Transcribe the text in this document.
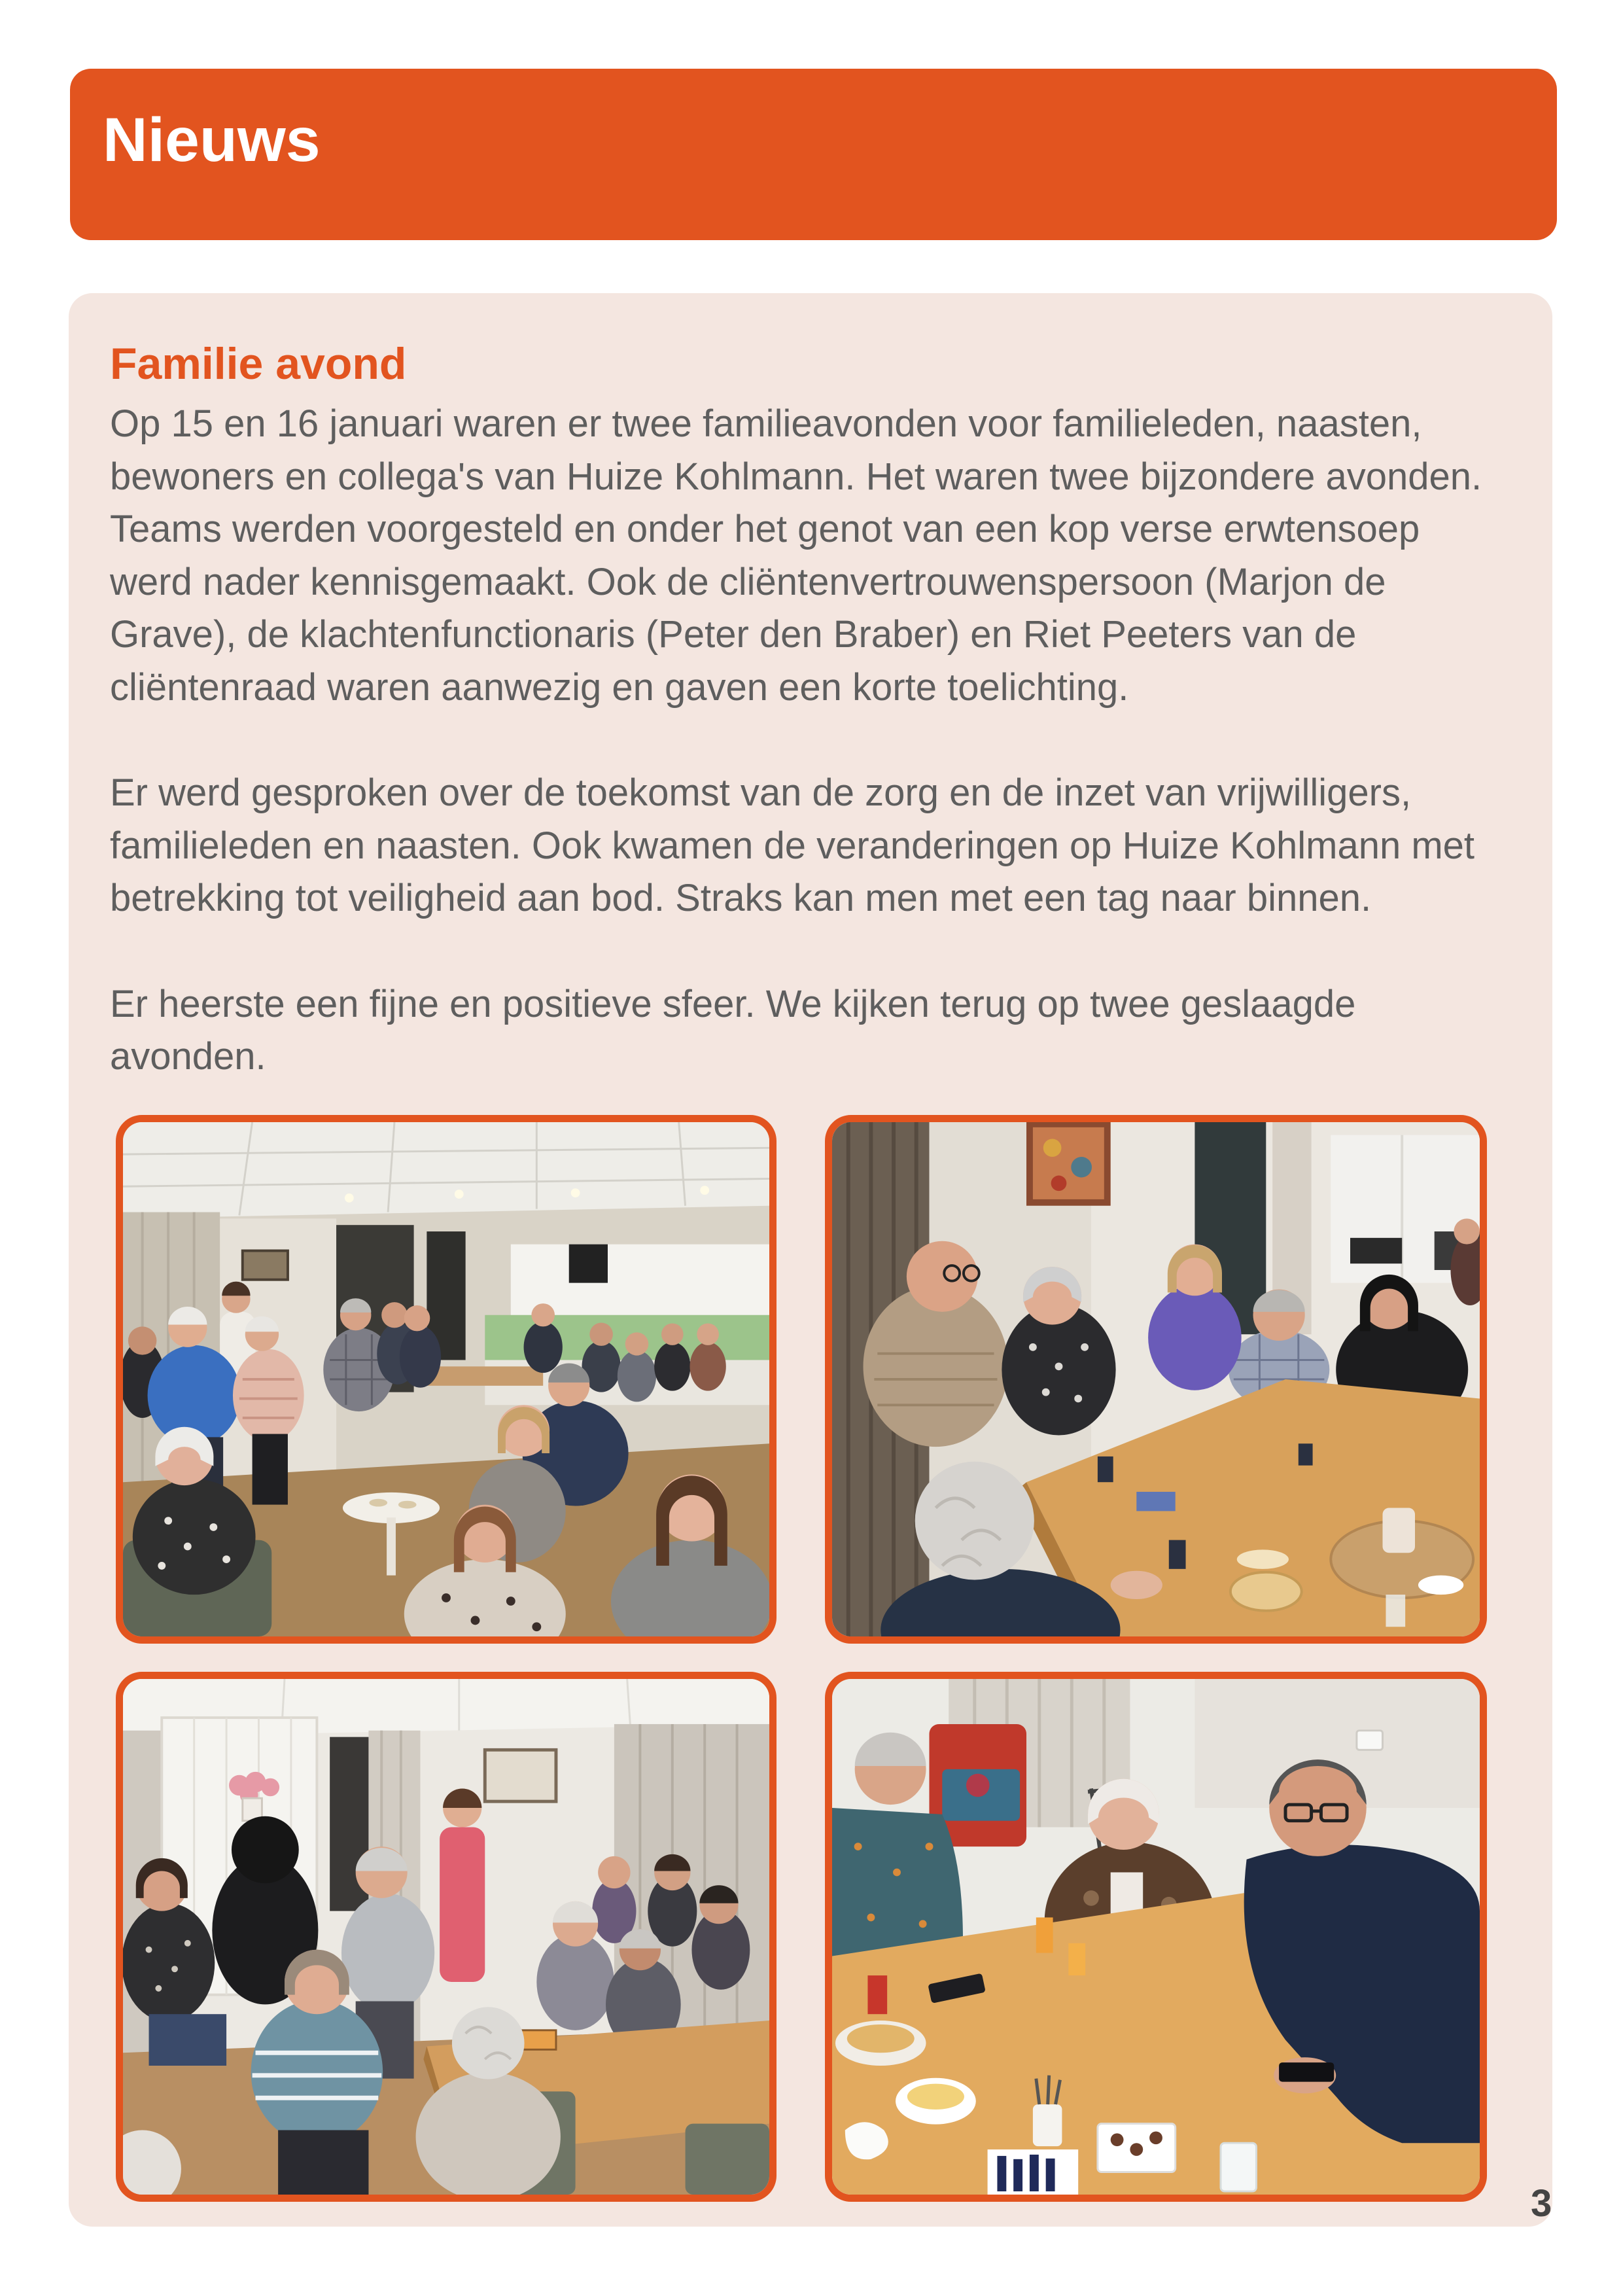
Nieuws
Familie avond

Op 15 en 16 januari waren er twee familieavonden voor familieleden, naasten,
bewoners en collega's van Huize Kohlmann. Het waren twee bijzondere avonden.
Teams werden voorgesteld en onder het genot van een kop verse erwtensoep
werd nader kennisgemaakt. Ook de cliëntenvertrouwenspersoon (Marjon de
Grave), de klachtenfunctionaris (Peter den Braber) en Riet Peeters van de
cliëntenraad waren aanwezig en gaven een korte toelichting.

Er werd gesproken over de toekomst van de zorg en de inzet van vrijwilligers,
familieleden en naasten. Ook kwamen de veranderingen op Huize Kohlmann met
betrekking tot veiligheid aan bod. Straks kan men met een tag naar binnen.

Er heerste een fijne en positieve sfeer. We kijken terug op twee geslaagde
avonden.

3
